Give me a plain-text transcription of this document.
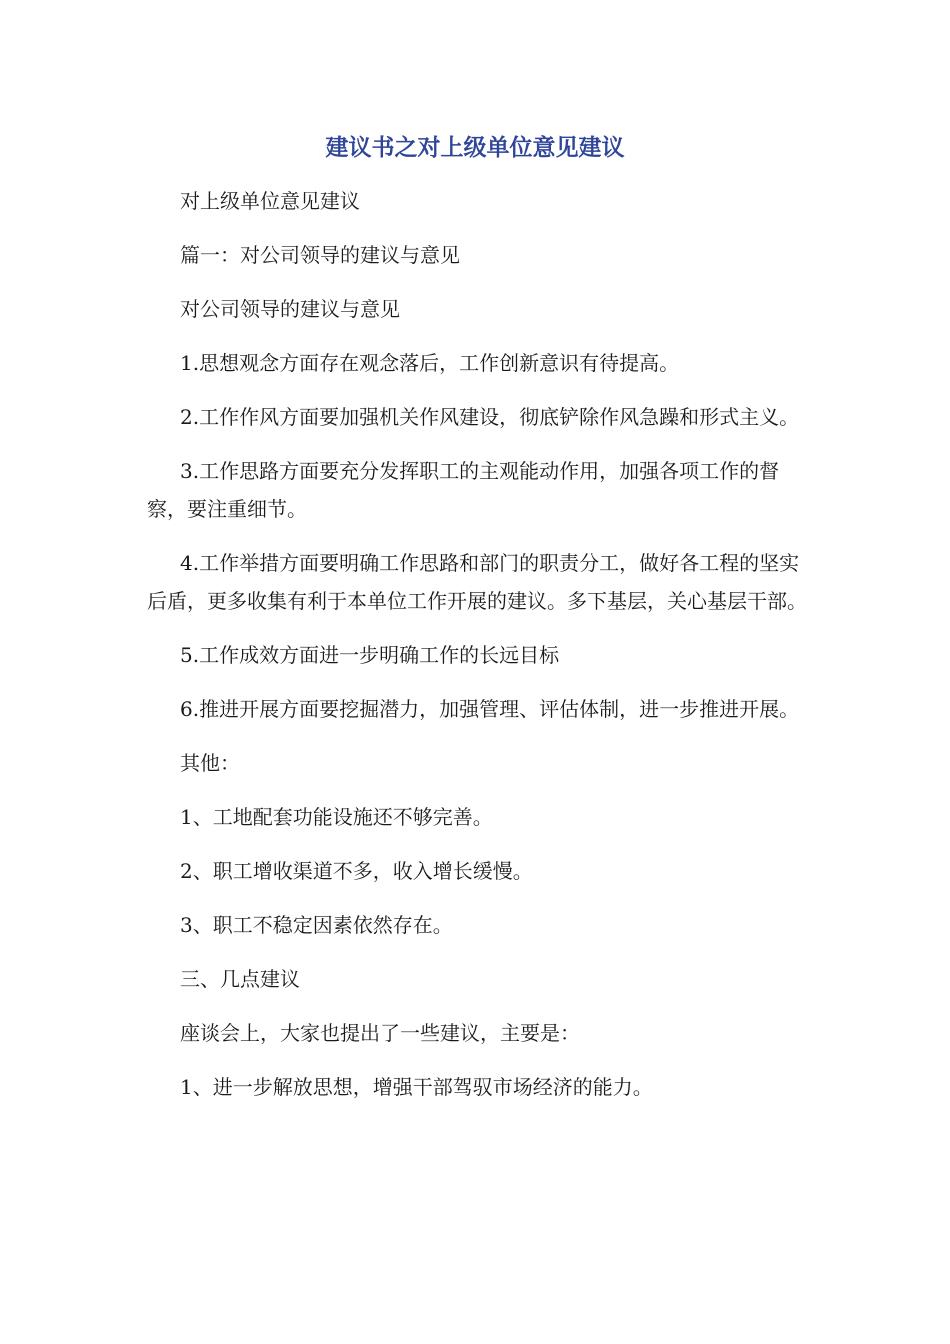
建议书之对上级单位意见建议

对上级单位意见建议

篇一：对公司领导的建议与意见

对公司领导的建议与意见

1.思想观念方面存在观念落后，工作创新意识有待提高。

2.工作作风方面要加强机关作风建设，彻底铲除作风急躁和形式主义。

3.工作思路方面要充分发挥职工的主观能动作用，加强各项工作的督察，要注重细节。

4.工作举措方面要明确工作思路和部门的职责分工，做好各工程的坚实后盾，更多收集有利于本单位工作开展的建议。多下基层，关心基层干部。

5.工作成效方面进一步明确工作的长远目标

6.推进开展方面要挖掘潜力，加强管理、评估体制，进一步推进开展。

其他：

1、工地配套功能设施还不够完善。

2、职工增收渠道不多，收入增长缓慢。

3、职工不稳定因素依然存在。

三、几点建议

座谈会上，大家也提出了一些建议，主要是：

1、进一步解放思想，增强干部驾驭市场经济的能力。
